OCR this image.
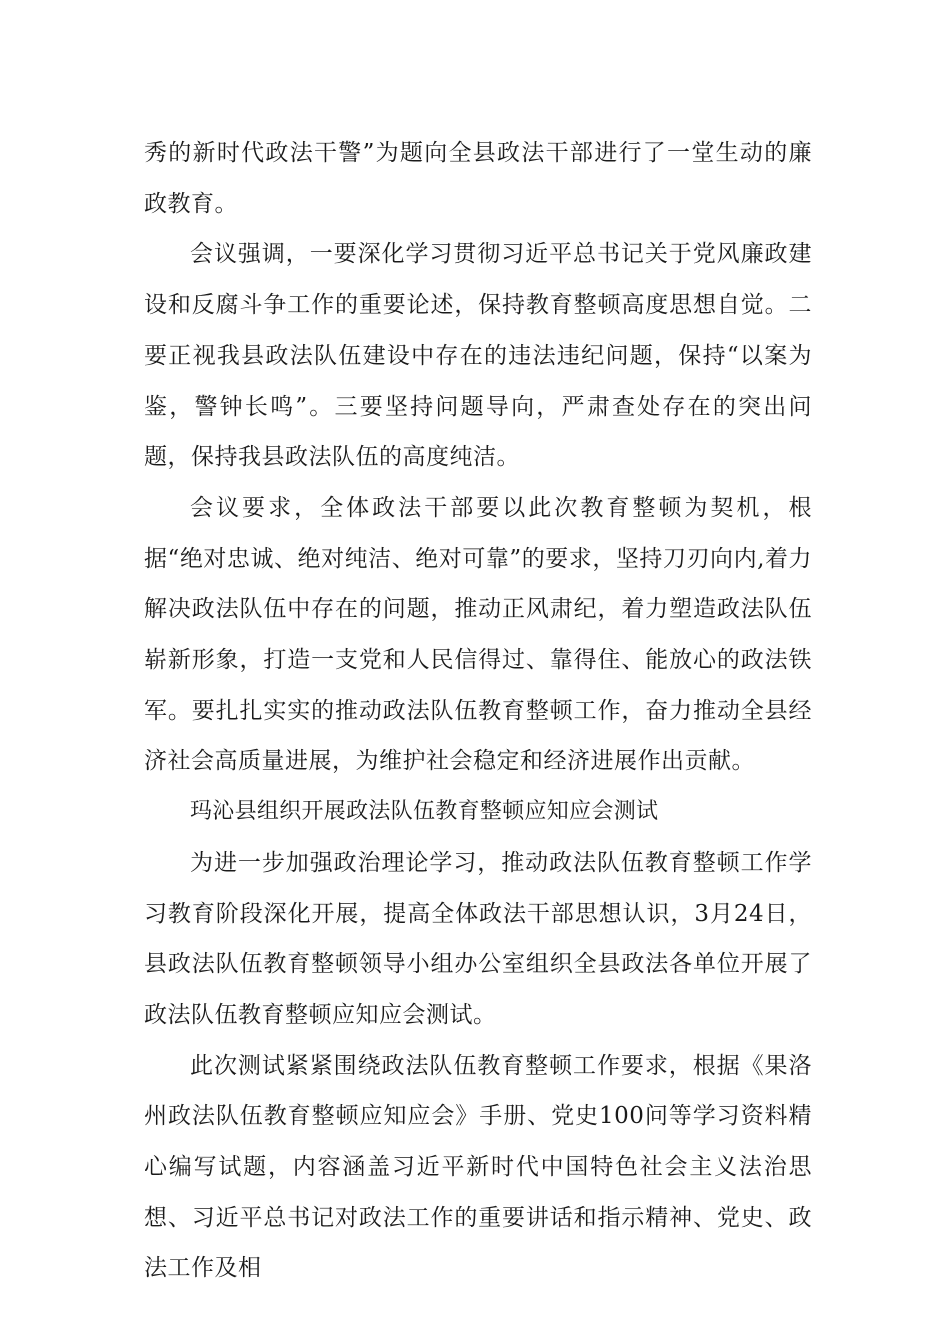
秀的新时代政法干警”为题向全县政法干部进行了一堂生动的廉政教育。

会议强调，一要深化学习贯彻习近平总书记关于党风廉政建设和反腐斗争工作的重要论述，保持教育整顿高度思想自觉。二要正视我县政法队伍建设中存在的违法违纪问题，保持“以案为鉴，警钟长鸣”。三要坚持问题导向，严肃查处存在的突出问题，保持我县政法队伍的高度纯洁。

会议要求，全体政法干部要以此次教育整顿为契机，根据“绝对忠诚、绝对纯洁、绝对可靠”的要求，坚持刀刃向内,着力解决政法队伍中存在的问题，推动正风肃纪，着力塑造政法队伍崭新形象，打造一支党和人民信得过、靠得住、能放心的政法铁军。要扎扎实实的推动政法队伍教育整顿工作，奋力推动全县经济社会高质量进展，为维护社会稳定和经济进展作出贡献。

玛沁县组织开展政法队伍教育整顿应知应会测试

为进一步加强政治理论学习，推动政法队伍教育整顿工作学习教育阶段深化开展，提高全体政法干部思想认识，3月24日，县政法队伍教育整顿领导小组办公室组织全县政法各单位开展了政法队伍教育整顿应知应会测试。

此次测试紧紧围绕政法队伍教育整顿工作要求，根据《果洛州政法队伍教育整顿应知应会》手册、党史100问等学习资料精心编写试题，内容涵盖习近平新时代中国特色社会主义法治思想、习近平总书记对政法工作的重要讲话和指示精神、党史、政法工作及相
